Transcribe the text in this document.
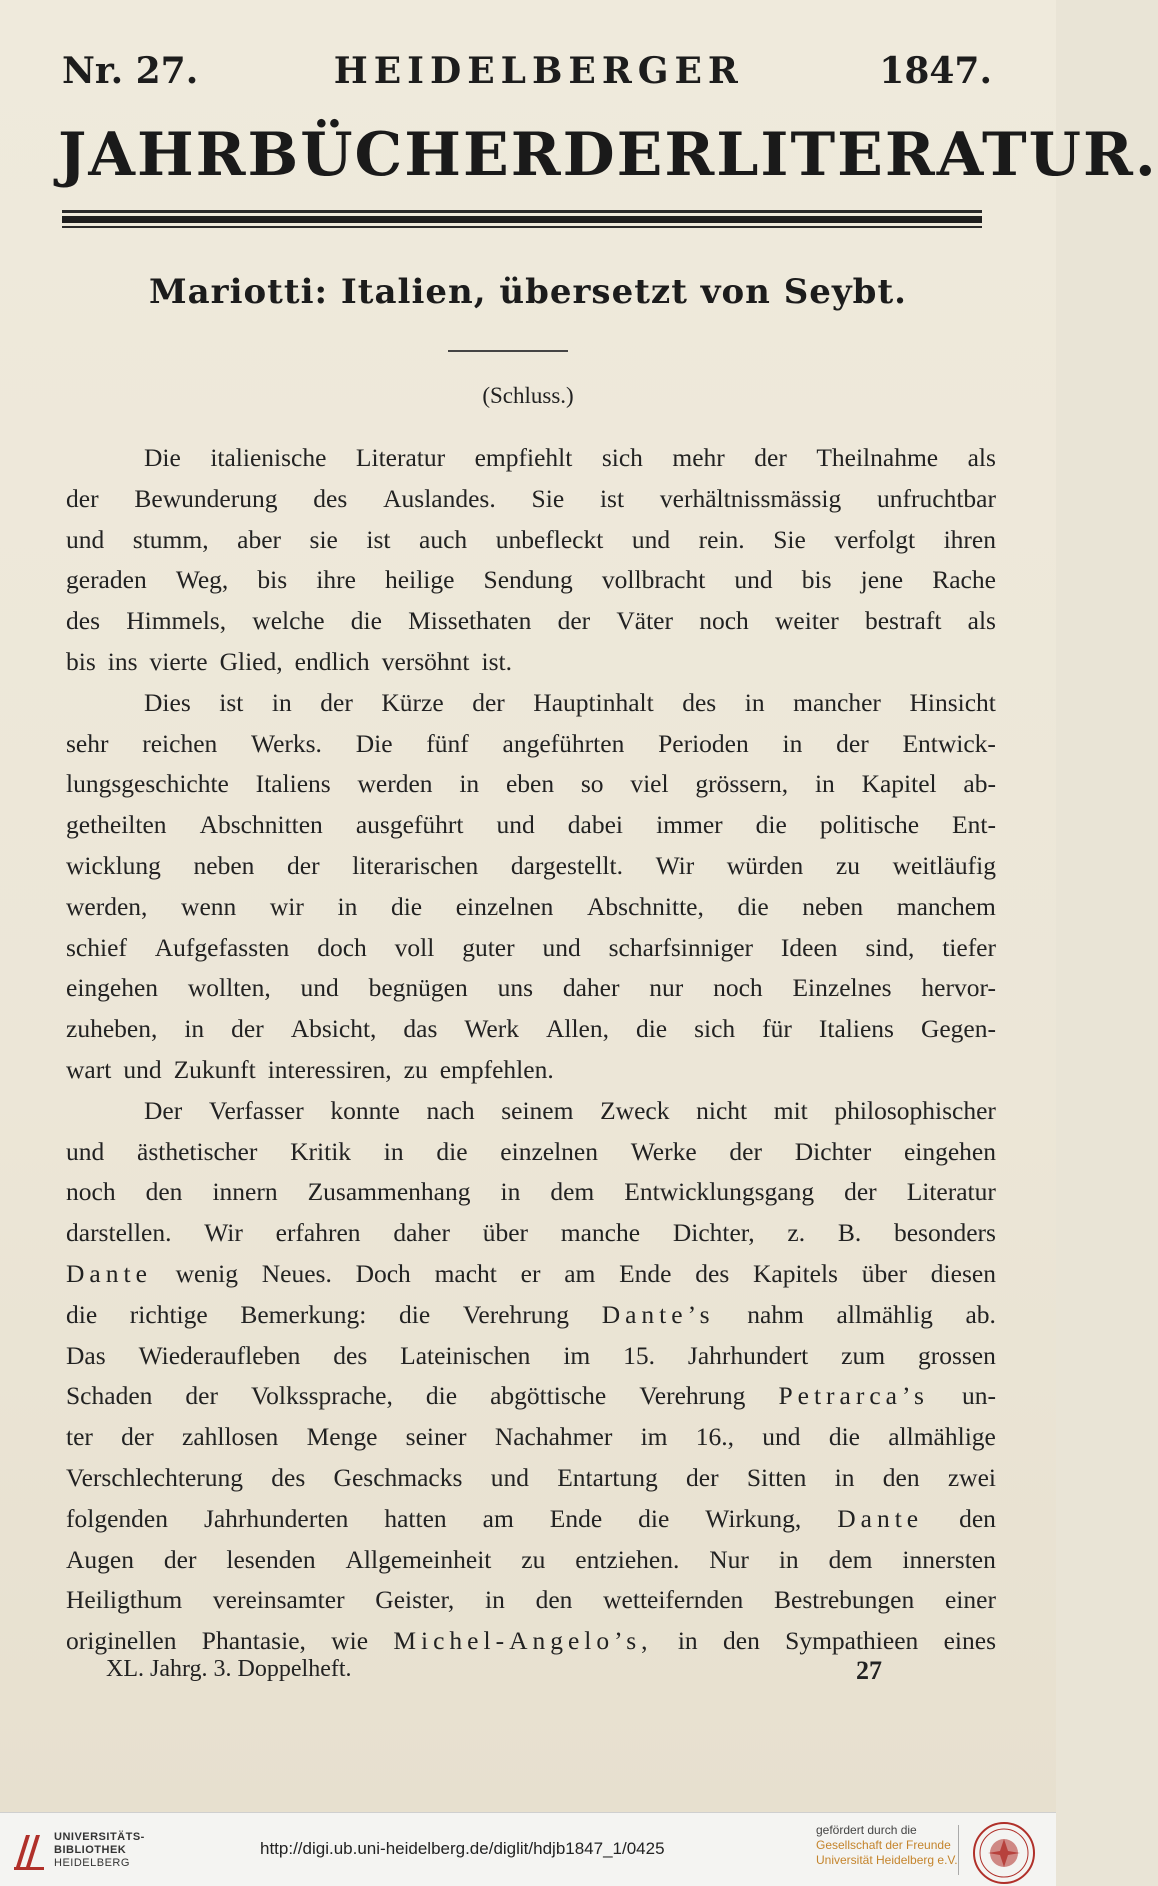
Nr. 27.	HEIDELBERGER	1847.
JAHRBÜCHER DER LITERATUR.
Mariotti: Italien, übersetzt von Seybt.
(Schluss.)
Die italienische Literatur empfiehlt sich mehr der Theilnahme als
der Bewunderung des Auslandes. Sie ist verhältnissmässig unfruchtbar
und stumm, aber sie ist auch unbefleckt und rein. Sie verfolgt ihren
geraden Weg, bis ihre heilige Sendung vollbracht und bis jene Rache
des Himmels, welche die Missethaten der Väter noch weiter bestraft als
bis ins vierte Glied, endlich versöhnt ist.
Dies ist in der Kürze der Hauptinhalt des in mancher Hinsicht
sehr reichen Werks. Die fünf angeführten Perioden in der Entwick-
lungsgeschichte Italiens werden in eben so viel grössern, in Kapitel ab-
getheilten Abschnitten ausgeführt und dabei immer die politische Ent-
wicklung neben der literarischen dargestellt. Wir würden zu weitläufig
werden, wenn wir in die einzelnen Abschnitte, die neben manchem
schief Aufgefassten doch voll guter und scharfsinniger Ideen sind, tiefer
eingehen wollten, und begnügen uns daher nur noch Einzelnes hervor-
zuheben, in der Absicht, das Werk Allen, die sich für Italiens Gegen-
wart und Zukunft interessiren, zu empfehlen.
Der Verfasser konnte nach seinem Zweck nicht mit philosophischer
und ästhetischer Kritik in die einzelnen Werke der Dichter eingehen
noch den innern Zusammenhang in dem Entwicklungsgang der Literatur
darstellen. Wir erfahren daher über manche Dichter, z. B. besonders
Dante wenig Neues. Doch macht er am Ende des Kapitels über diesen
die richtige Bemerkung: die Verehrung Dante’s nahm allmählig ab.
Das Wiederaufleben des Lateinischen im 15. Jahrhundert zum grossen
Schaden der Volkssprache, die abgöttische Verehrung Petrarca’s un-
ter der zahllosen Menge seiner Nachahmer im 16., und die allmählige
Verschlechterung des Geschmacks und Entartung der Sitten in den zwei
folgenden Jahrhunderten hatten am Ende die Wirkung, Dante den
Augen der lesenden Allgemeinheit zu entziehen. Nur in dem innersten
Heiligthum vereinsamter Geister, in den wetteifernden Bestrebungen einer
originellen Phantasie, wie Michel-Angelo’s, in den Sympathieen eines
XL. Jahrg. 3. Doppelheft.	27
UNIVERSITÄTS-
BIBLIOTHEK
HEIDELBERG
http://digi.ub.uni-heidelberg.de/diglit/hdjb1847_1/0425
gefördert durch die
Gesellschaft der Freunde
Universität Heidelberg e.V.
